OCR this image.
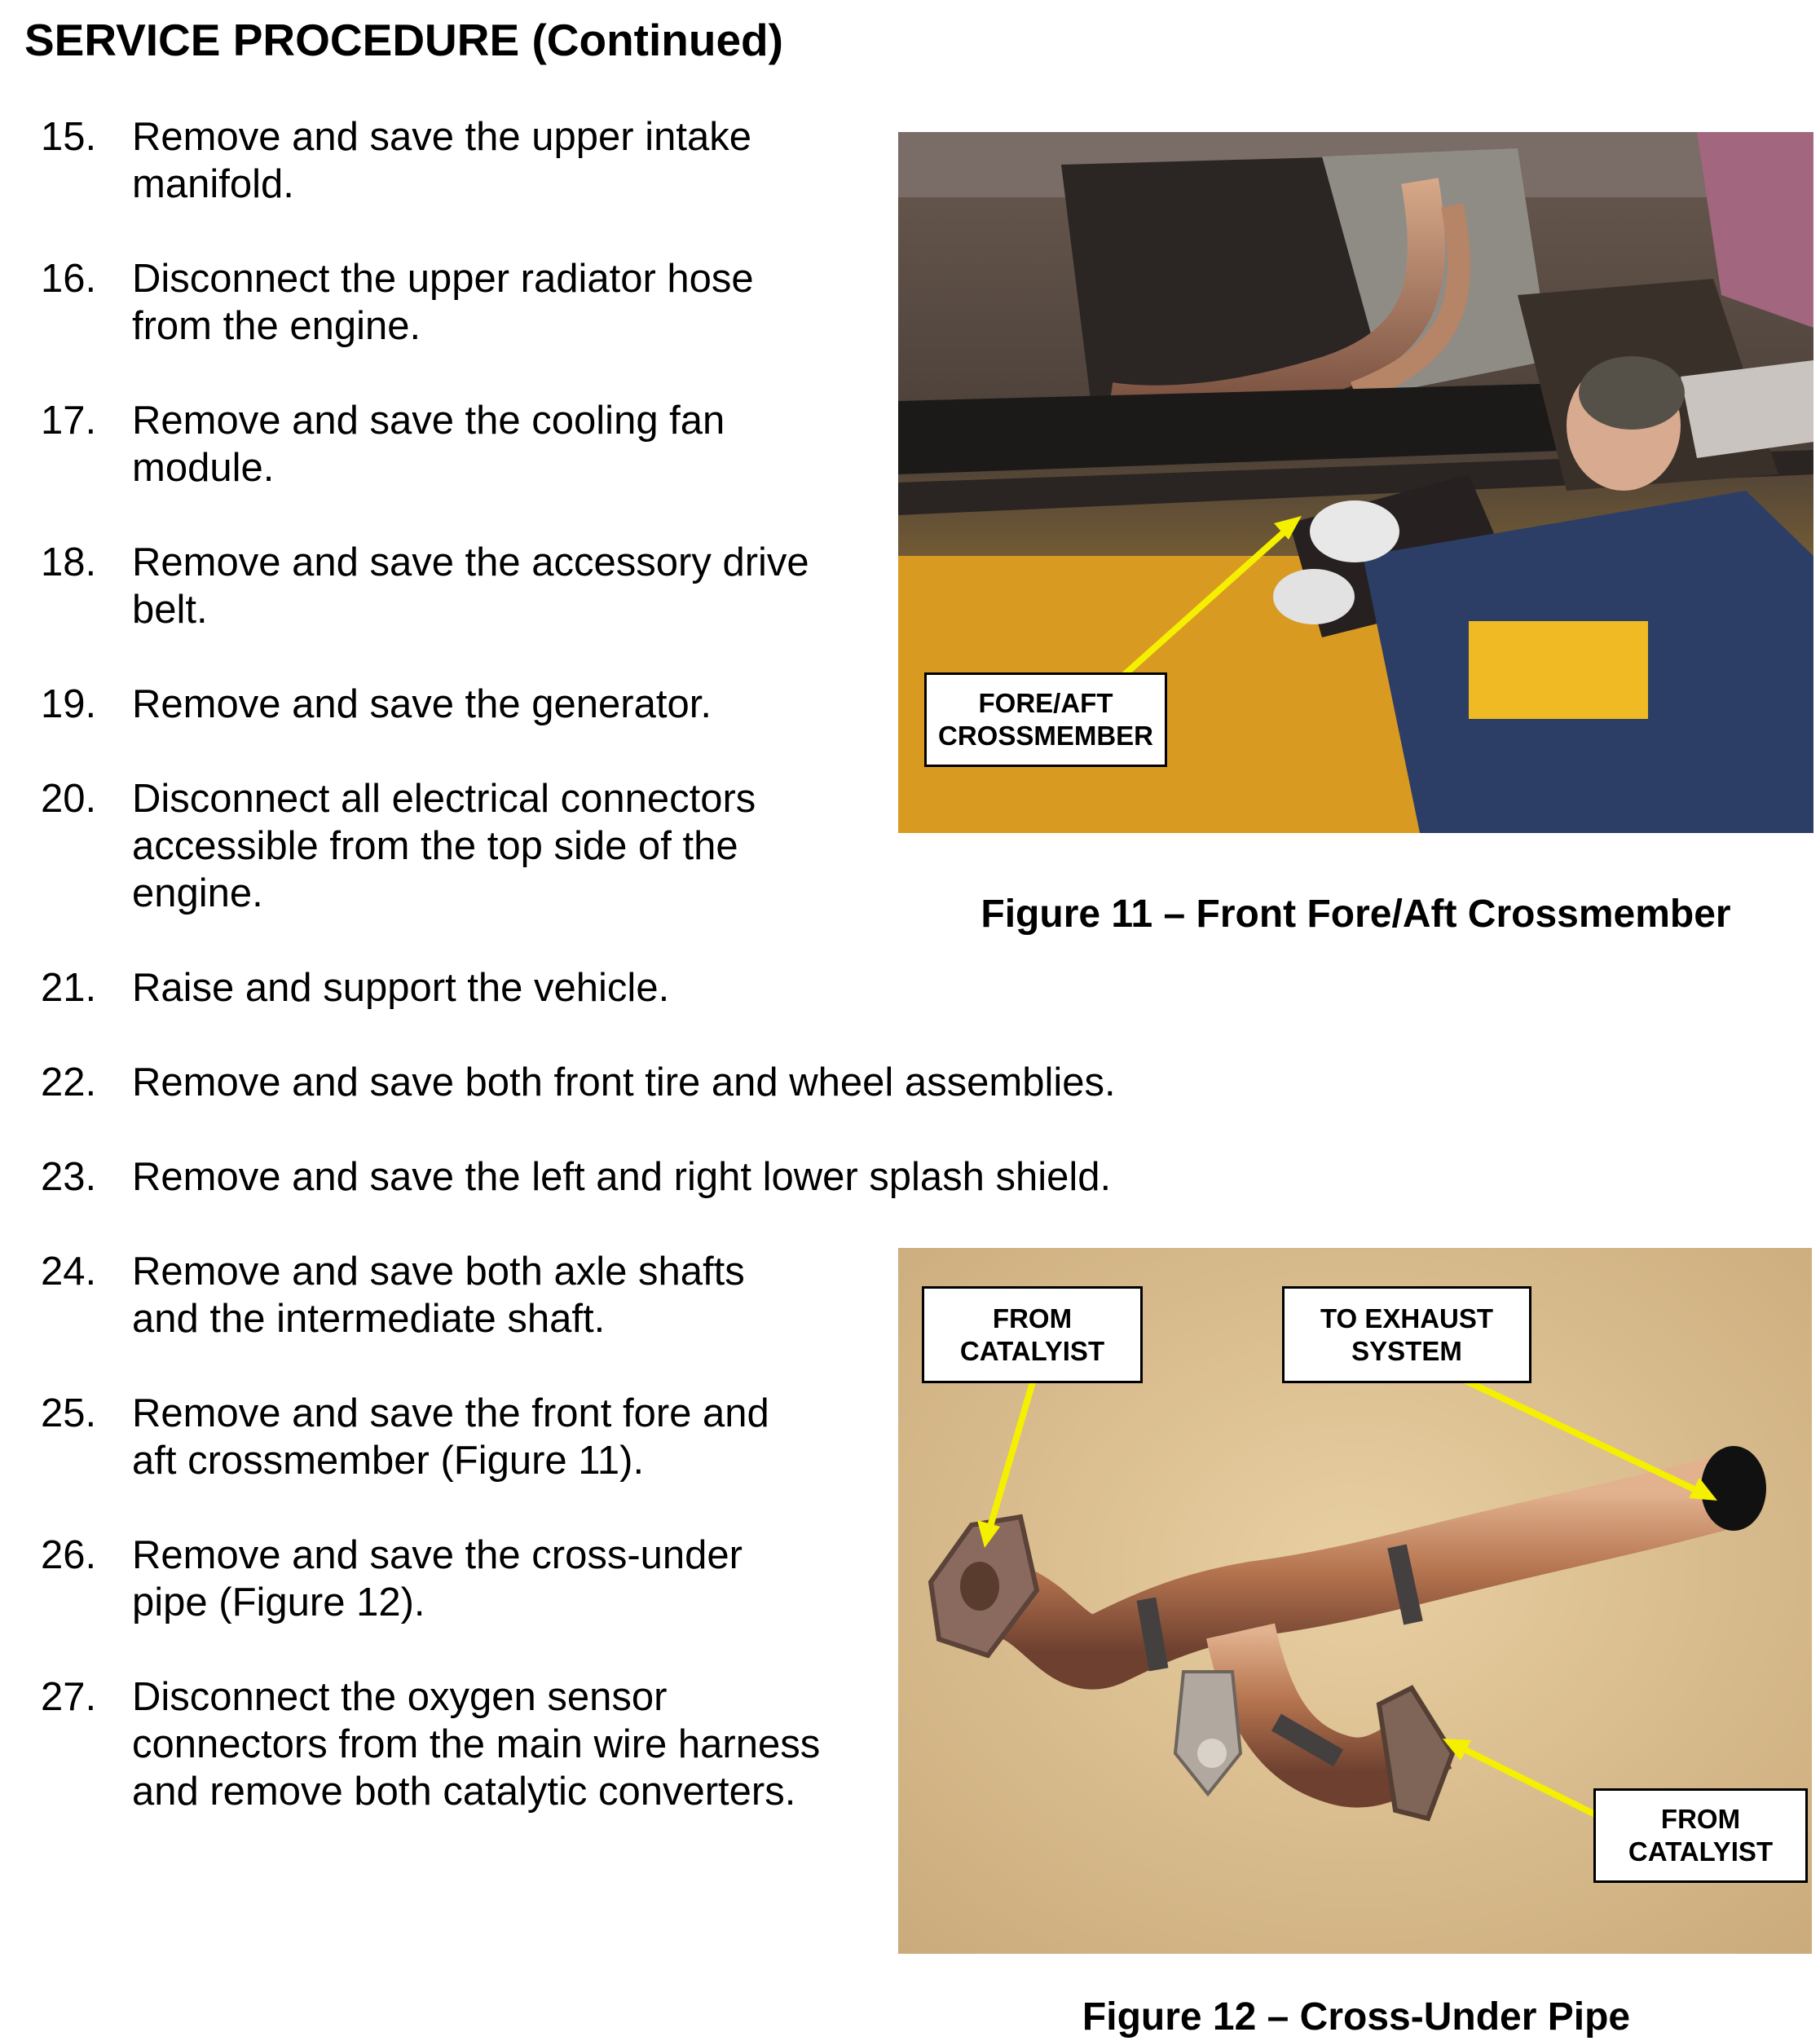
SERVICE PROCEDURE (Continued)
15. Remove and save the upper intake
manifold.
16. Disconnect the upper radiator hose
from the engine.
17. Remove and save the cooling fan
module.
18. Remove and save the accessory drive
belt.
19. Remove and save the generator.
20. Disconnect all electrical connectors
accessible from the top side of the
engine.
21. Raise and support the vehicle.
22. Remove and save both front tire and wheel assemblies.
23. Remove and save the left and right lower splash shield.
24. Remove and save both axle shafts
and the intermediate shaft.
25. Remove and save the front fore and
aft crossmember (Figure 11).
26. Remove and save the cross-under
pipe (Figure 12).
27. Disconnect the oxygen sensor
connectors from the main wire harness
and remove both catalytic converters.
FORE/AFT
CROSSMEMBER
Figure 11 – Front Fore/Aft Crossmember
FROM
CATALYIST
TO EXHAUST
SYSTEM
FROM
CATALYIST
Figure 12 – Cross-Under Pipe
